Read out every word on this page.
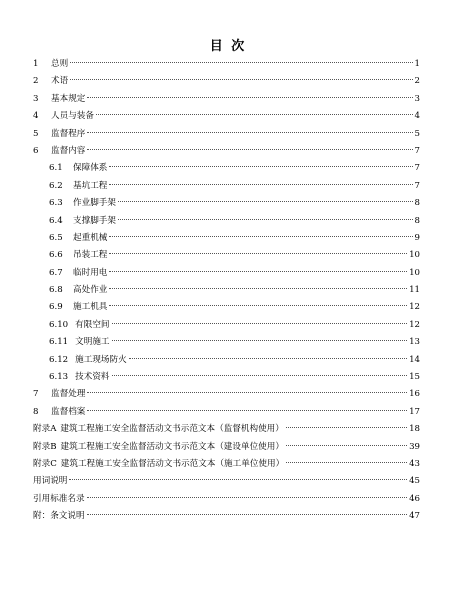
目 次
1	总则	1
2	术语	2
3	基本规定	3
4	人员与装备	4
5	监督程序	5
6	监督内容	7
6.1	保障体系	7
6.2	基坑工程	7
6.3	作业脚手架	8
6.4	支撑脚手架	8
6.5	起重机械	9
6.6	吊装工程	10
6.7	临时用电	10
6.8	高处作业	11
6.9	施工机具	12
6.10 有限空间	12
6.11 文明施工	13
6.12 施工现场防火	14
6.13 技术资料	15
7	监督处理	16
8	监督档案	17
附录A 建筑工程施工安全监督活动文书示范文本（监督机构使用）	18
附录B 建筑工程施工安全监督活动文书示范文本（建设单位使用）	39
附录C 建筑工程施工安全监督活动文书示范文本（施工单位使用）	43
用词说明	45
引用标准名录	46
附：条文说明	47
